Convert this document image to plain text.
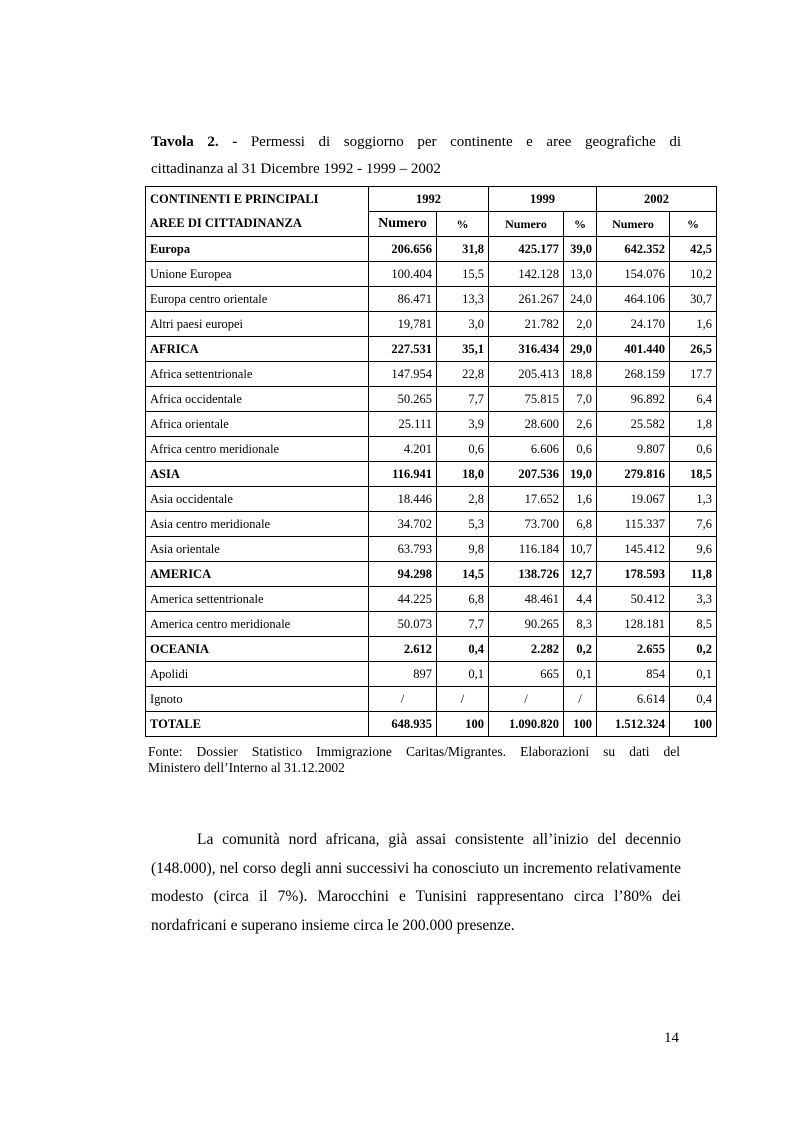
Tavola 2. - Permessi di soggiorno per continente e aree geografiche di
cittadinanza al 31 Dicembre 1992 - 1999 – 2002
CONTINENTI E PRINCIPALI	1992		1999		2002	
AREE DI CITTADINANZA	Numero	%	Numero	%	Numero	%
Europa	206.656	31,8	425.177	39,0	642.352	42,5
Unione Europea	100.404	15,5	142.128	13,0	154.076	10,2
Europa centro orientale	86.471	13,3	261.267	24,0	464.106	30,7
Altri paesi europei	19,781	3,0	21.782	2,0	24.170	1,6
AFRICA	227.531	35,1	316.434	29,0	401.440	26,5
Africa settentrionale	147.954	22,8	205.413	18,8	268.159	17.7
Africa occidentale	50.265	7,7	75.815	7,0	96.892	6,4
Africa orientale	25.111	3,9	28.600	2,6	25.582	1,8
Africa centro meridionale	4.201	0,6	6.606	0,6	9.807	0,6
ASIA	116.941	18,0	207.536	19,0	279.816	18,5
Asia occidentale	18.446	2,8	17.652	1,6	19.067	1,3
Asia centro meridionale	34.702	5,3	73.700	6,8	115.337	7,6
Asia orientale	63.793	9,8	116.184	10,7	145.412	9,6
AMERICA	94.298	14,5	138.726	12,7	178.593	11,8
America settentrionale	44.225	6,8	48.461	4,4	50.412	3,3
America centro meridionale	50.073	7,7	90.265	8,3	128.181	8,5
OCEANIA	2.612	0,4	2.282	0,2	2.655	0,2
Apolidi	897	0,1	665	0,1	854	0,1
Ignoto	/	/	/	/	6.614	0,4
TOTALE	648.935	100	1.090.820	100	1.512.324	100
Fonte: Dossier Statistico Immigrazione Caritas/Migrantes. Elaborazioni su dati del
Ministero dell’Interno al 31.12.2002
La comunità nord africana, già assai consistente all’inizio del decennio (148.000), nel corso degli anni successivi ha conosciuto un incremento relativamente modesto (circa il 7%). Marocchini e Tunisini rappresentano circa l’80% dei nordafricani e superano insieme circa le 200.000 presenze.
14
